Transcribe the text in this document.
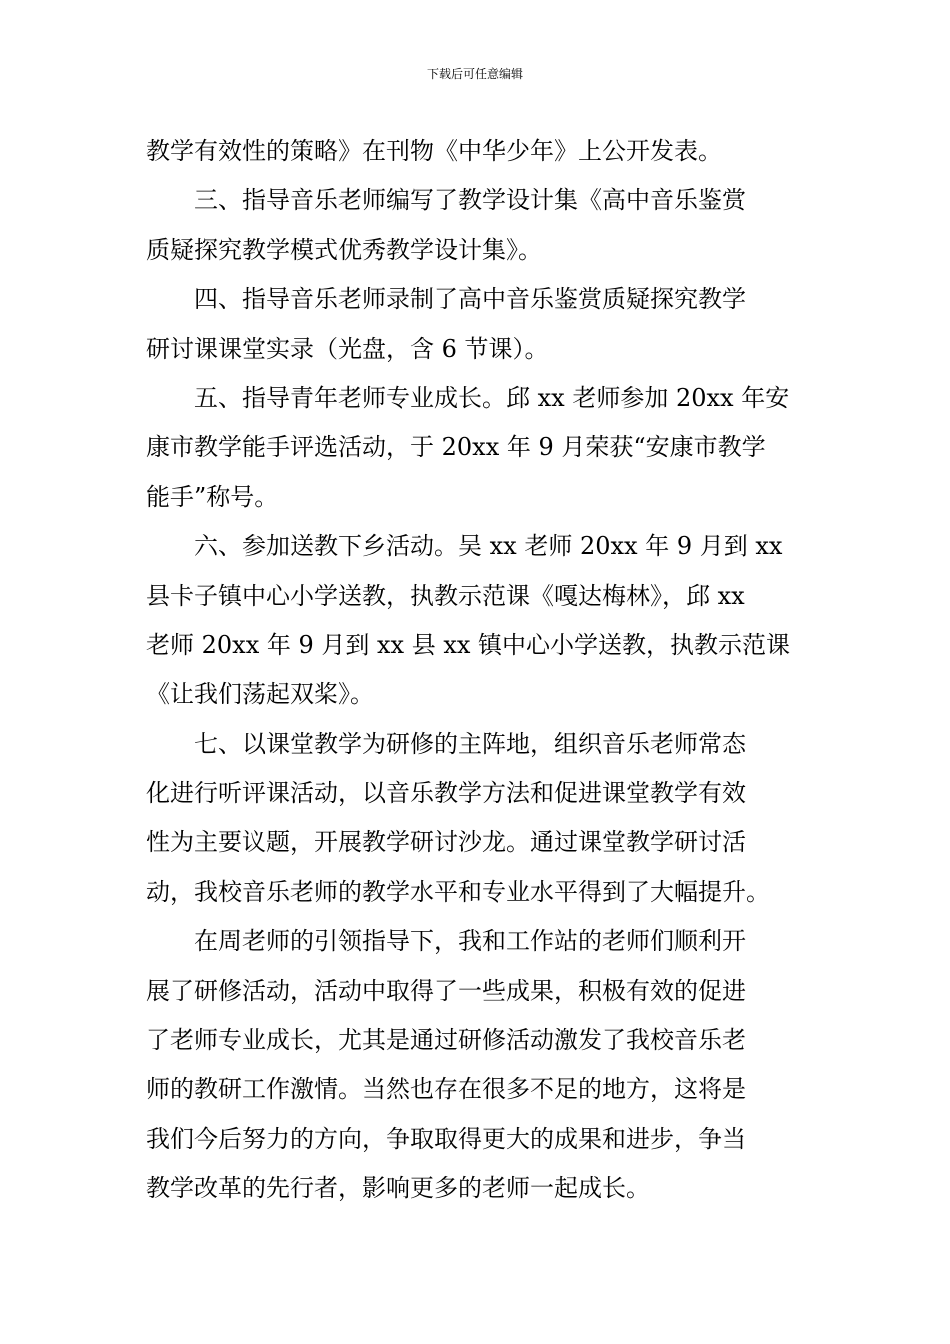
下载后可任意编辑
教学有效性的策略》在刊物《中华少年》上公开发表。
三、指导音乐老师编写了教学设计集《高中音乐鉴赏
质疑探究教学模式优秀教学设计集》。
四、指导音乐老师录制了高中音乐鉴赏质疑探究教学
研讨课课堂实录（光盘，含 6 节课）。
五、指导青年老师专业成长。邱 xx 老师参加 20xx 年安
康市教学能手评选活动，于 20xx 年 9 月荣获“安康市教学
能手”称号。
六、参加送教下乡活动。吴 xx 老师 20xx 年 9 月到 xx
县卡子镇中心小学送教，执教示范课《嘎达梅林》，邱 xx
老师 20xx 年 9 月到 xx 县 xx 镇中心小学送教，执教示范课
《让我们荡起双桨》。
七、以课堂教学为研修的主阵地，组织音乐老师常态
化进行听评课活动，以音乐教学方法和促进课堂教学有效
性为主要议题，开展教学研讨沙龙。通过课堂教学研讨活
动，我校音乐老师的教学水平和专业水平得到了大幅提升。
在周老师的引领指导下，我和工作站的老师们顺利开
展了研修活动，活动中取得了一些成果，积极有效的促进
了老师专业成长，尤其是通过研修活动激发了我校音乐老
师的教研工作激情。当然也存在很多不足的地方，这将是
我们今后努力的方向，争取取得更大的成果和进步，争当
教学改革的先行者，影响更多的老师一起成长。
